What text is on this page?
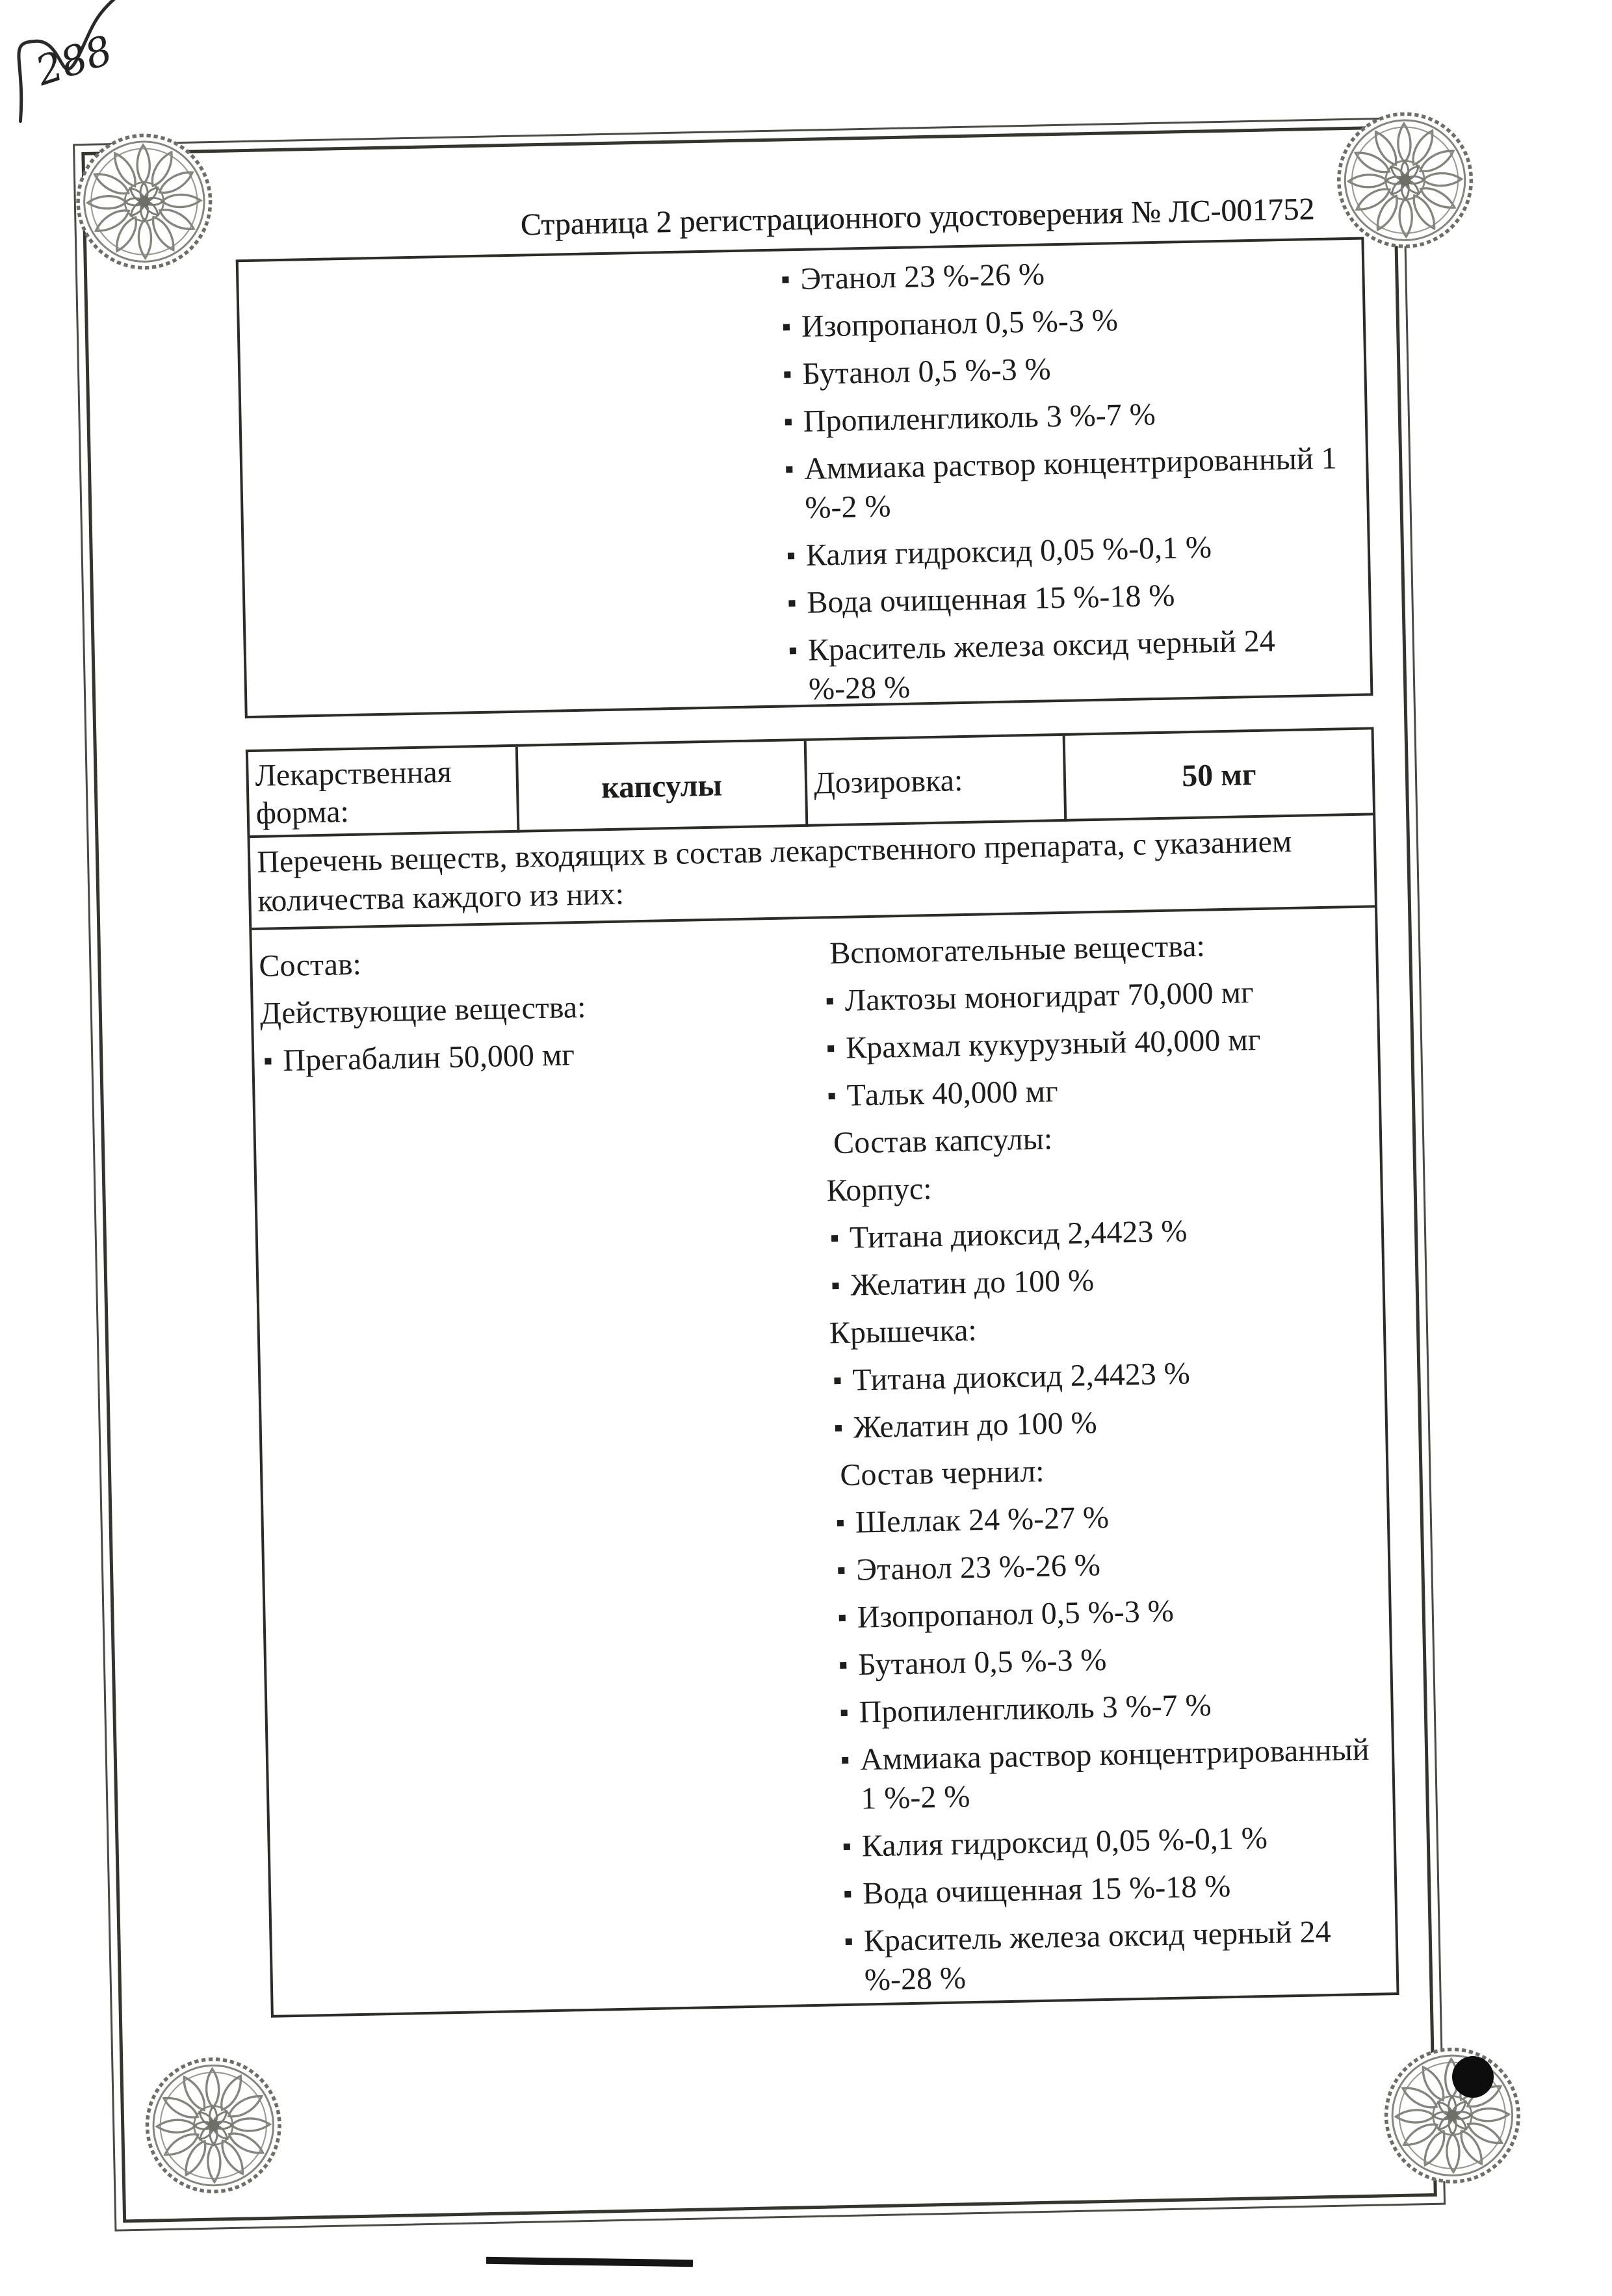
Страница 2 регистрационного удостоверения № ЛС-001752
Этанол 23 %-26 %
Изопропанол 0,5 %-3 %
Бутанол 0,5 %-3 %
Пропиленгликоль 3 %-7 %
Аммиака раствор концентрированный 1 %-2 %
Калия гидроксид 0,05 %-0,1 %
Вода очищенная 15 %-18 %
Краситель железа оксид черный 24 %-28 %
Лекарственная форма:
капсулы	Дозировка:	50 мг
Перечень веществ, входящих в состав лекарственного препарата, с указанием количества каждого из них:

Состав:

Действующие вещества:

Прегабалин 50,000 мг

Вспомогательные вещества:

Лактозы моногидрат 70,000 мг
Крахмал кукурузный 40,000 мг
Тальк 40,000 мг

Состав капсулы:

Корпус:

Титана диоксид 2,4423 %
Желатин до 100 %

Крышечка:

Титана диоксид 2,4423 %
Желатин до 100 %

Состав чернил:

Шеллак 24 %-27 %
Этанол 23 %-26 %
Изопропанол 0,5 %-3 %
Бутанол 0,5 %-3 %
Пропиленгликоль 3 %-7 %
Аммиака раствор концентрированный 1 %-2 %
Калия гидроксид 0,05 %-0,1 %
Вода очищенная 15 %-18 %
Краситель железа оксид черный 24 %-28 %
288
